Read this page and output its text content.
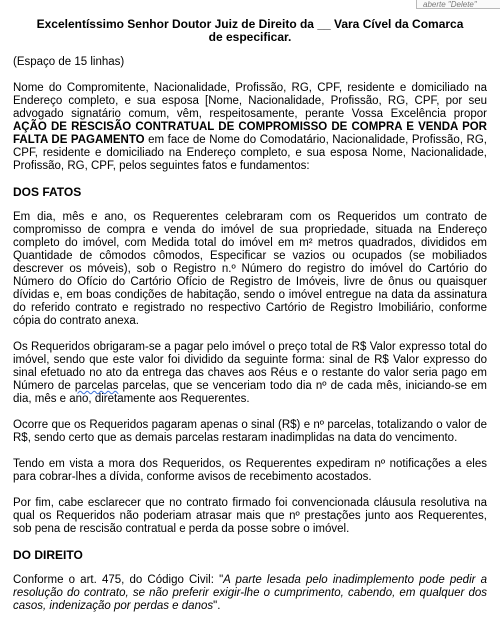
aberte "Delete"
Excelentíssimo Senhor Doutor Juiz de Direito da __ Vara Cível da Comarca
de especificar.
(Espaço de 15 linhas)
Nome do Compromitente, Nacionalidade, Profissão, RG, CPF, residente e domiciliado na Endereço completo, e sua esposa [Nome, Nacionalidade, Profissão, RG, CPF, por seu advogado signatário comum, vêm, respeitosamente, perante Vossa Excelência propor AÇÃO DE RESCISÃO CONTRATUAL DE COMPROMISSO DE COMPRA E VENDA POR FALTA DE PAGAMENTO em face de Nome do Comodatário, Nacionalidade, Profissão, RG, CPF, residente e domiciliado na Endereço completo, e sua esposa Nome, Nacionalidade, Profissão, RG, CPF, pelos seguintes fatos e fundamentos:
DOS FATOS
Em dia, mês e ano, os Requerentes celebraram com os Requeridos um contrato de compromisso de compra e venda do imóvel de sua propriedade, situada na Endereço completo do imóvel, com Medida total do imóvel em m² metros quadrados, divididos em Quantidade de cômodos cômodos, Especificar se vazios ou ocupados (se mobiliados descrever os móveis), sob o Registro n.º Número do registro do imóvel do Cartório do Número do Ofício do Cartório Ofício de Registro de Imóveis, livre de ônus ou quaisquer dívidas e, em boas condições de habitação, sendo o imóvel entregue na data da assinatura do referido contrato e registrado no respectivo Cartório de Registro Imobiliário, conforme cópia do contrato anexa.
Os Requeridos obrigaram-se a pagar pelo imóvel o preço total de R$ Valor expresso total do imóvel, sendo que este valor foi dividido da seguinte forma: sinal de R$ Valor expresso do sinal efetuado no ato da entrega das chaves aos Réus e o restante do valor seria pago em Número de parcelas parcelas, que se venceriam todo dia nº de cada mês, iniciando-se em dia, mês e ano, diretamente aos Requerentes.
Ocorre que os Requeridos pagaram apenas o sinal (R$) e nº parcelas, totalizando o valor de R$, sendo certo que as demais parcelas restaram inadimplidas na data do vencimento.
Tendo em vista a mora dos Requeridos, os Requerentes expediram nº notificações a eles para cobrar-lhes a dívida, conforme avisos de recebimento acostados.
Por fim, cabe esclarecer que no contrato firmado foi convencionada cláusula resolutiva na qual os Requeridos não poderiam atrasar mais que nº prestações junto aos Requerentes, sob pena de rescisão contratual e perda da posse sobre o imóvel.
DO DIREITO
Conforme o art. 475, do Código Civil: "A parte lesada pelo inadimplemento pode pedir a resolução do contrato, se não preferir exigir-lhe o cumprimento, cabendo, em qualquer dos casos, indenização por perdas e danos".
